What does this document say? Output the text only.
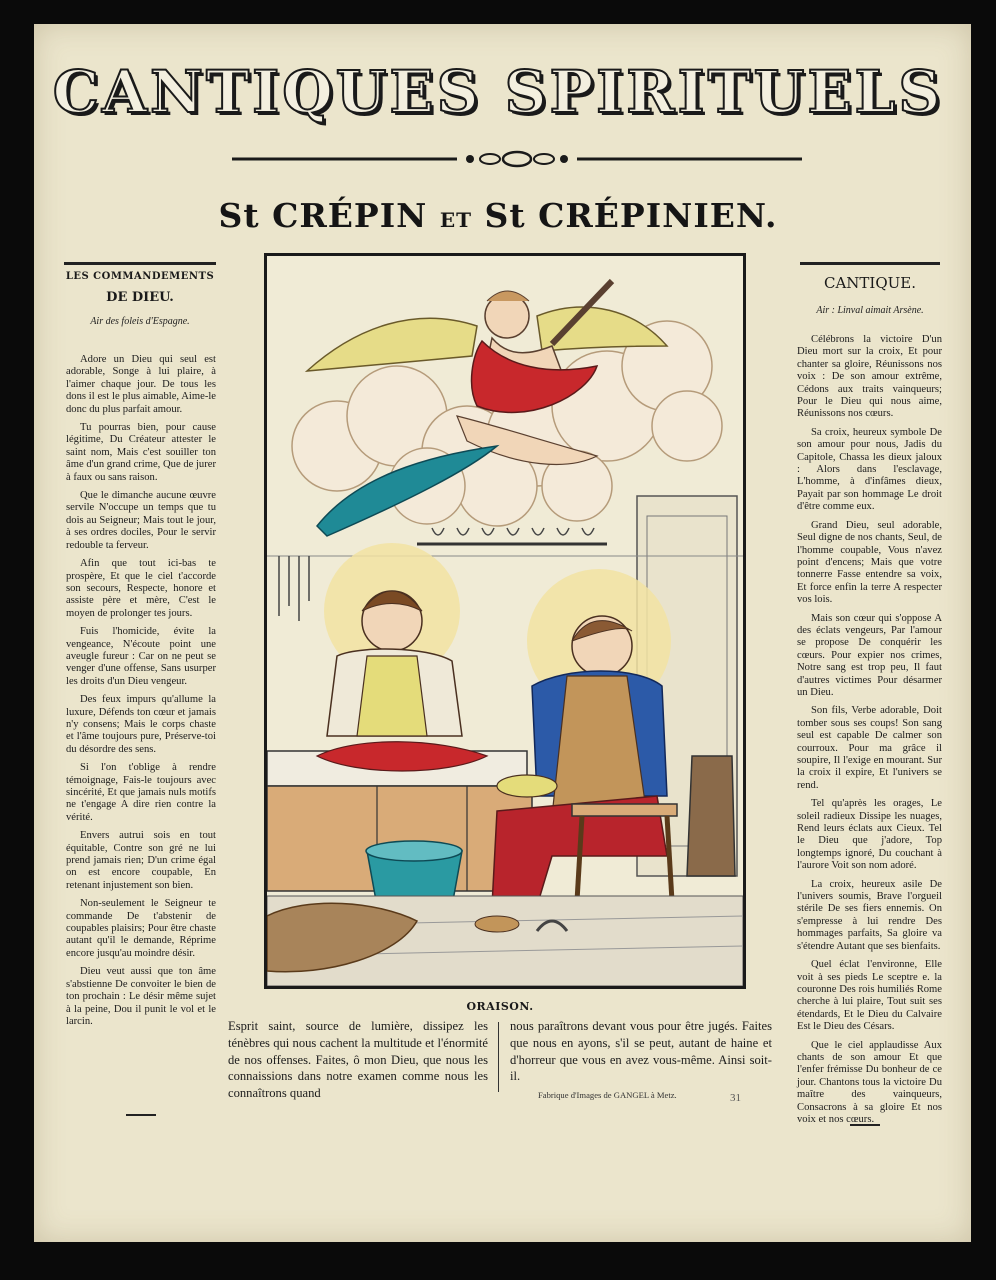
CANTIQUES SPIRITUELS
St CRÉPIN ET St CRÉPINIEN.
LES COMMANDEMENTS
DE DIEU.
Air des foleis d'Espagne.

Adore un Dieu qui seul est adorable, Songe à lui plaire, à l'aimer chaque jour. De tous les dons il est le plus aimable, Aime-le donc du plus parfait amour.

Tu pourras bien, pour cause légitime, Du Créateur attester le saint nom, Mais c'est souiller ton âme d'un grand crime, Que de jurer à faux ou sans raison.

Que le dimanche aucune œuvre servile N'occupe un temps que tu dois au Seigneur; Mais tout le jour, à ses ordres dociles, Pour le servir redouble ta ferveur.

Afin que tout ici-bas te prospère, Et que le ciel t'accorde son secours, Respecte, honore et assiste père et mère, C'est le moyen de prolonger tes jours.

Fuis l'homicide, évite la vengeance, N'écoute point une aveugle fureur : Car on ne peut se venger d'une offense, Sans usurper les droits d'un Dieu vengeur.

Des feux impurs qu'allume la luxure, Défends ton cœur et jamais n'y consens; Mais le corps chaste et l'âme toujours pure, Préserve-toi du désordre des sens.

Si l'on t'oblige à rendre témoignage, Fais-le toujours avec sincérité, Et que jamais nuls motifs ne t'engage A dire rien contre la vérité.

Envers autrui sois en tout équitable, Contre son gré ne lui prend jamais rien; D'un crime égal on est encore coupable, En retenant injustement son bien.

Non-seulement le Seigneur te commande De t'abstenir de coupables plaisirs; Pour être chaste autant qu'il le demande, Réprime encore jusqu'au moindre désir.

Dieu veut aussi que ton âme s'abstienne De convoiter le bien de ton prochain : Le désir même sujet à la peine, Dou il punit le vol et le larcin.

CANTIQUE.
Air : Linval aimait Arsène.

Célébrons la victoire D'un Dieu mort sur la croix, Et pour chanter sa gloire, Réunissons nos voix : De son amour extrême, Cédons aux traits vainqueurs; Pour le Dieu qui nous aime, Réunissons nos cœurs.

Sa croix, heureux symbole De son amour pour nous, Jadis du Capitole, Chassa les dieux jaloux : Alors dans l'esclavage, L'homme, à d'infâmes dieux, Payait par son hommage Le droit d'être comme eux.

Grand Dieu, seul adorable, Seul digne de nos chants, Seul, de l'homme coupable, Vous n'avez point d'encens; Mais que votre tonnerre Fasse entendre sa voix, Et force enfin la terre A respecter vos lois.

Mais son cœur qui s'oppose A des éclats vengeurs, Par l'amour se propose De conquérir les cœurs. Pour expier nos crimes, Notre sang est trop peu, Il faut d'autres victimes Pour désarmer un Dieu.

Son fils, Verbe adorable, Doit tomber sous ses coups! Son sang seul est capable De calmer son courroux. Pour ma grâce il soupire, Il l'exige en mourant. Sur la croix il expire, Et l'univers se rend.

Tel qu'après les orages, Le soleil radieux Dissipe les nuages, Rend leurs éclats aux Cieux. Tel le Dieu que j'adore, Top longtemps ignoré, Du couchant à l'aurore Voit son nom adoré.

La croix, heureux asile De l'univers soumis, Brave l'orgueil stérile De ses fiers ennemis. On s'empresse à lui rendre Des hommages parfaits, Sa gloire va s'étendre Autant que ses bienfaits.

Quel éclat l'environne, Elle voit à ses pieds Le sceptre e. la couronne Des rois humiliés Rome cherche à lui plaire, Tout suit ses étendards, Et le Dieu du Calvaire Est le Dieu des Césars.

Que le ciel applaudisse Aux chants de son amour Et que l'enfer frémisse Du bonheur de ce jour. Chantons tous la victoire Du maître des vainqueurs, Consacrons à sa gloire Et nos voix et nos cœurs.

ORAISON.
Esprit saint, source de lumière, dissipez les ténèbres qui nous cachent la multitude et l'énormité de nos offenses. Faites, ô mon Dieu, que nous les connaissions dans notre examen comme nous les connaîtrons quand
nous paraîtrons devant vous pour être jugés. Faites que nous en ayons, s'il se peut, autant de haine et d'horreur que vous en avez vous-même. Ainsi soit-il.
Fabrique d'Images de GANGEL à Metz.	31
